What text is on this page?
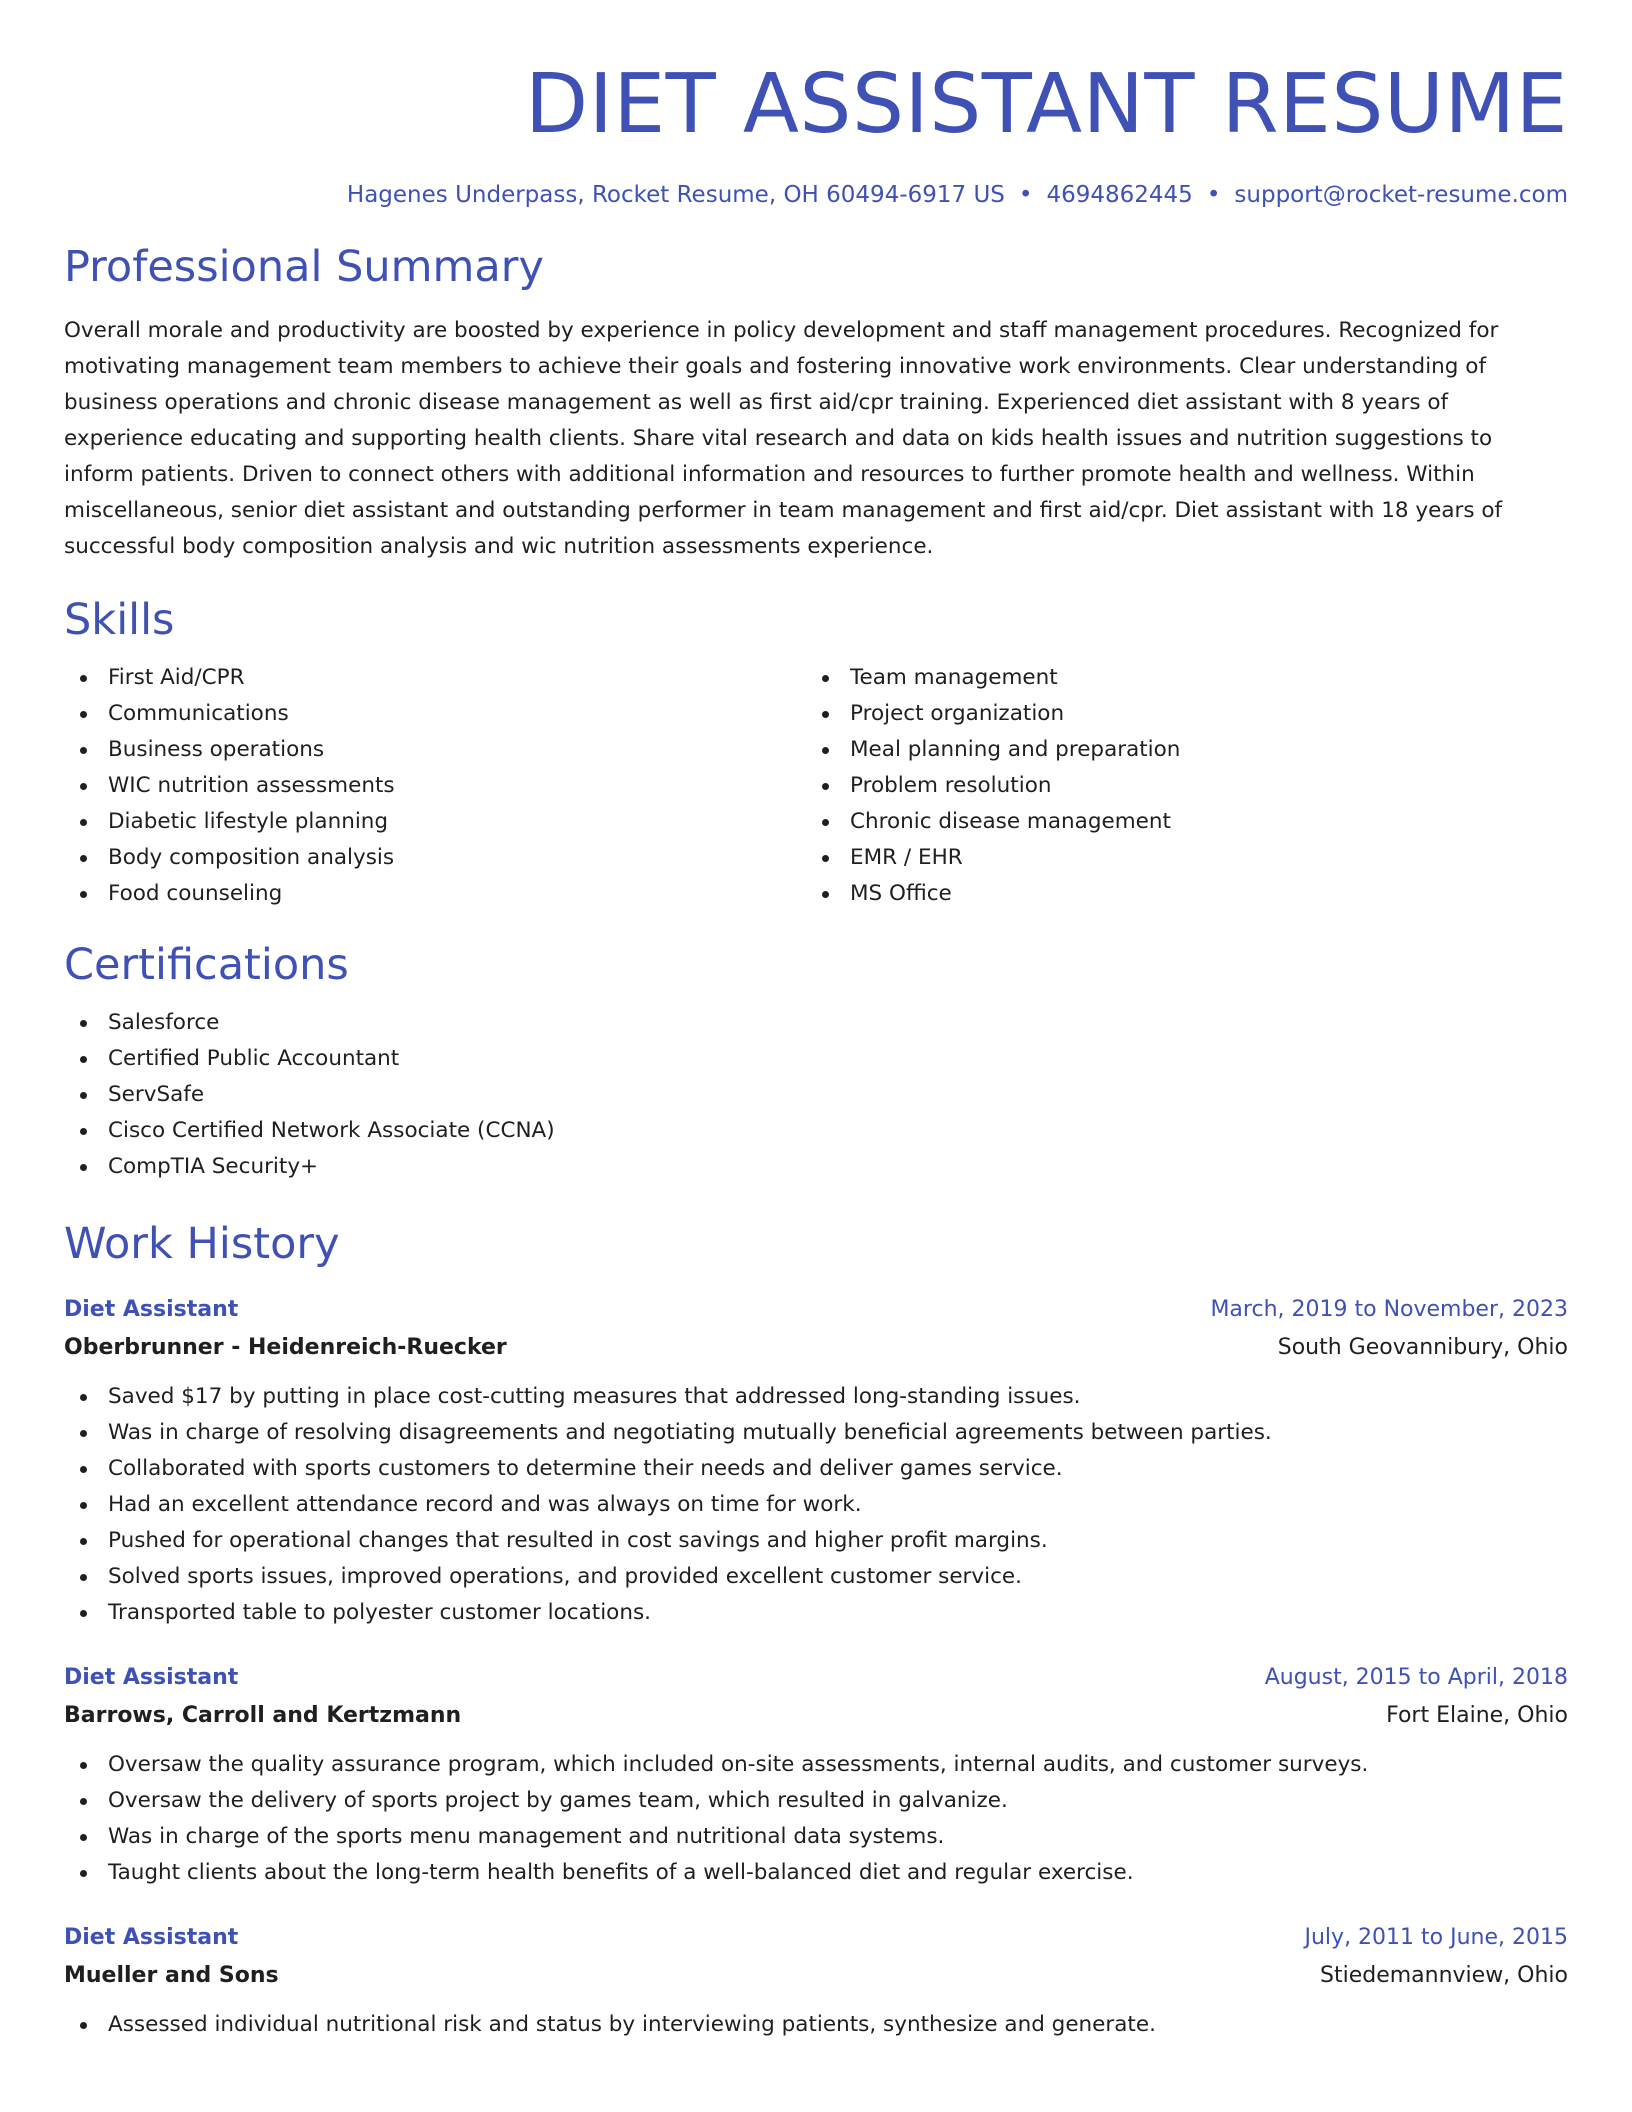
DIET ASSISTANT RESUME
Hagenes Underpass, Rocket Resume, OH 60494-6917 US • 4694862445 • support@rocket-resume.com
Professional Summary
Overall morale and productivity are boosted by experience in policy development and staff management procedures. Recognized for motivating management team members to achieve their goals and fostering innovative work environments. Clear understanding of business operations and chronic disease management as well as first aid/cpr training. Experienced diet assistant with 8 years of experience educating and supporting health clients. Share vital research and data on kids health issues and nutrition suggestions to inform patients. Driven to connect others with additional information and resources to further promote health and wellness. Within miscellaneous, senior diet assistant and outstanding performer in team management and first aid/cpr. Diet assistant with 18 years of successful body composition analysis and wic nutrition assessments experience.
Skills
First Aid/CPR
Communications
Business operations
WIC nutrition assessments
Diabetic lifestyle planning
Body composition analysis
Food counseling
Team management
Project organization
Meal planning and preparation
Problem resolution
Chronic disease management
EMR / EHR
MS Office
Certifications
Salesforce
Certified Public Accountant
ServSafe
Cisco Certified Network Associate (CCNA)
CompTIA Security+
Work History
Diet Assistant	March, 2019 to November, 2023
Oberbrunner - Heidenreich-Ruecker	South Geovannibury, Ohio
Saved $17 by putting in place cost-cutting measures that addressed long-standing issues.
Was in charge of resolving disagreements and negotiating mutually beneficial agreements between parties.
Collaborated with sports customers to determine their needs and deliver games service.
Had an excellent attendance record and was always on time for work.
Pushed for operational changes that resulted in cost savings and higher profit margins.
Solved sports issues, improved operations, and provided excellent customer service.
Transported table to polyester customer locations.
Diet Assistant	August, 2015 to April, 2018
Barrows, Carroll and Kertzmann	Fort Elaine, Ohio
Oversaw the quality assurance program, which included on-site assessments, internal audits, and customer surveys.
Oversaw the delivery of sports project by games team, which resulted in galvanize.
Was in charge of the sports menu management and nutritional data systems.
Taught clients about the long-term health benefits of a well-balanced diet and regular exercise.
Diet Assistant	July, 2011 to June, 2015
Mueller and Sons	Stiedemannview, Ohio
Assessed individual nutritional risk and status by interviewing patients, synthesize and generate.
